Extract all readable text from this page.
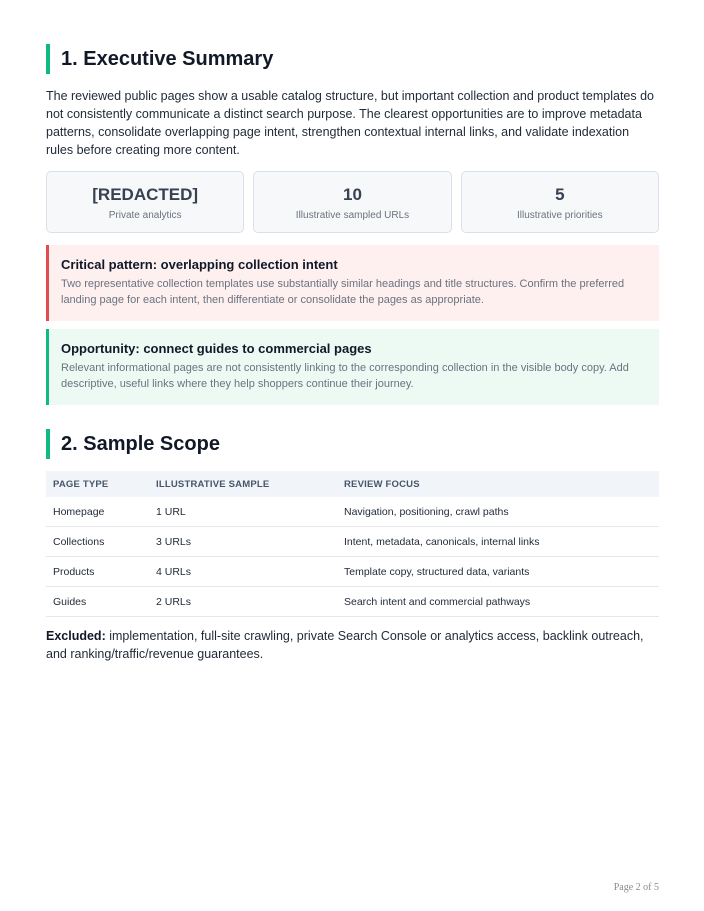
1. Executive Summary

The reviewed public pages show a usable catalog structure, but important collection and product templates do not consistently communicate a distinct search purpose. The clearest opportunities are to improve metadata patterns, consolidate overlapping page intent, strengthen contextual internal links, and validate indexation rules before creating more content.

[REDACTED]
Private analytics
10
Illustrative sampled URLs
5
Illustrative priorities
Critical pattern: overlapping collection intent
Two representative collection templates use substantially similar headings and title structures. Confirm the preferred landing page for each intent, then differentiate or consolidate the pages as appropriate.
Opportunity: connect guides to commercial pages
Relevant informational pages are not consistently linking to the corresponding collection in the visible body copy. Add descriptive, useful links where they help shoppers continue their journey.
2. Sample Scope
PAGE TYPE	ILLUSTRATIVE SAMPLE	REVIEW FOCUS
Homepage	1 URL	Navigation, positioning, crawl paths
Collections	3 URLs	Intent, metadata, canonicals, internal links
Products	4 URLs	Template copy, structured data, variants
Guides	2 URLs	Search intent and commercial pathways

Excluded: implementation, full-site crawling, private Search Console or analytics access, backlink outreach, and ranking/traffic/revenue guarantees.

Page 2 of 5
